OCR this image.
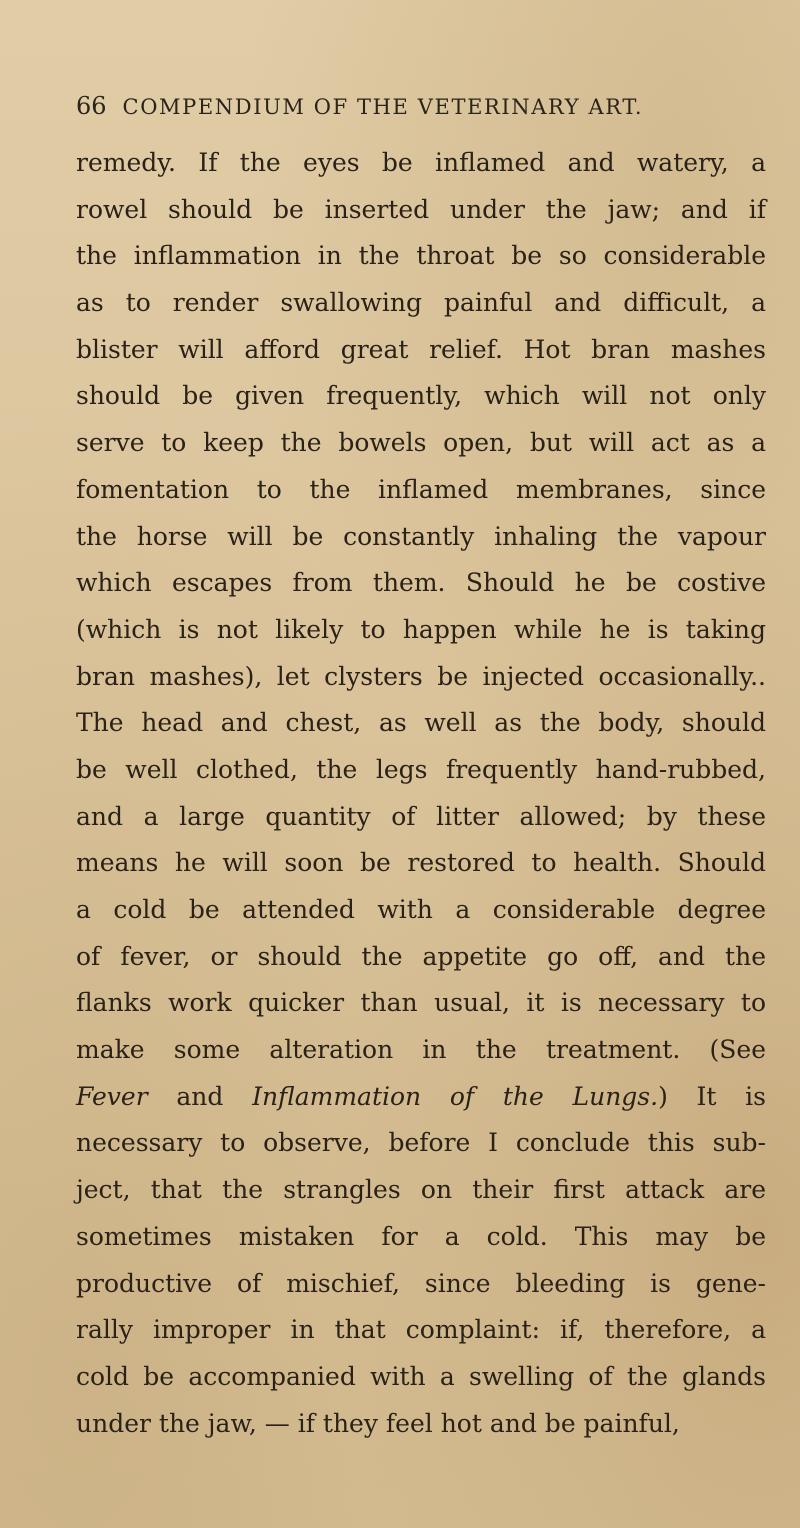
66 COMPENDIUM OF THE VETERINARY ART.
remedy. If the eyes be inflamed and watery, a
rowel should be inserted under the jaw; and if
the inflammation in the throat be so considerable
as to render swallowing painful and difficult, a
blister will afford great relief. Hot bran mashes
should be given frequently, which will not only
serve to keep the bowels open, but will act as a
fomentation to the inflamed membranes, since
the horse will be constantly inhaling the vapour
which escapes from them. Should he be costive
(which is not likely to happen while he is taking
bran mashes), let clysters be injected occasionally..
The head and chest, as well as the body, should
be well clothed, the legs frequently hand-rubbed,
and a large quantity of litter allowed; by these
means he will soon be restored to health. Should
a cold be attended with a considerable degree
of fever, or should the appetite go off, and the
flanks work quicker than usual, it is necessary to
make some alteration in the treatment. (See
Fever and Inflammation of the Lungs.) It is
necessary to observe, before I conclude this sub-
ject, that the strangles on their first attack are
sometimes mistaken for a cold. This may be
productive of mischief, since bleeding is gene-
rally improper in that complaint: if, therefore, a
cold be accompanied with a swelling of the glands
under the jaw, — if they feel hot and be painful,
